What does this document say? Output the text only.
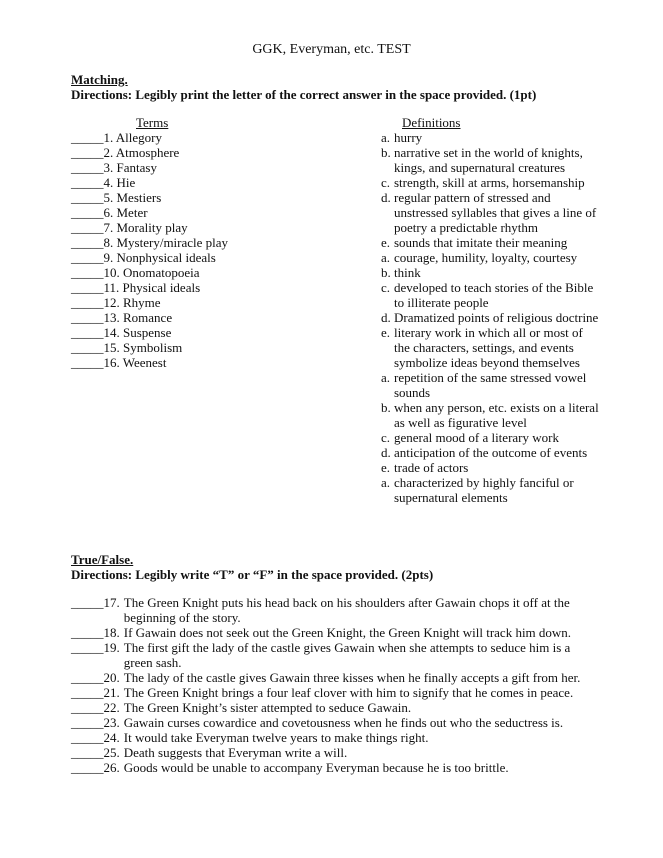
GGK, Everyman, etc. TEST
Matching.
Directions: Legibly print the letter of the correct answer in the space provided. (1pt)
Terms	Definitions
_____1. Allegory
_____2. Atmosphere
_____3. Fantasy
_____4. Hie
_____5. Mestiers
_____6. Meter
_____7. Morality play
_____8. Mystery/miracle play
_____9. Nonphysical ideals
_____10. Onomatopoeia
_____11. Physical ideals
_____12. Rhyme
_____13. Romance
_____14. Suspense
_____15. Symbolism
_____16. Weenest
a. hurry
b. narrative set in the world of knights, kings, and supernatural creatures
c. strength, skill at arms, horsemanship
d. regular pattern of stressed and unstressed syllables that gives a line of poetry a predictable rhythm
e. sounds that imitate their meaning
a. courage, humility, loyalty, courtesy
b. think
c. developed to teach stories of the Bible to illiterate people
d. Dramatized points of religious doctrine
e. literary work in which all or most of the characters, settings, and events symbolize ideas beyond themselves
a. repetition of the same stressed vowel sounds
b. when any person, etc. exists on a literal as well as figurative level
c. general mood of a literary work
d. anticipation of the outcome of events
e. trade of actors
a. characterized by highly fanciful or supernatural elements
True/False.
Directions: Legibly write “T” or “F” in the space provided. (2pts)
_____ 17. The Green Knight puts his head back on his shoulders after Gawain chops it off at the beginning of the story.
_____ 18. If Gawain does not seek out the Green Knight, the Green Knight will track him down.
_____ 19. The first gift the lady of the castle gives Gawain when she attempts to seduce him is a green sash.
_____ 20. The lady of the castle gives Gawain three kisses when he finally accepts a gift from her.
_____ 21. The Green Knight brings a four leaf clover with him to signify that he comes in peace.
_____ 22. The Green Knight’s sister attempted to seduce Gawain.
_____ 23. Gawain curses cowardice and covetousness when he finds out who the seductress is.
_____ 24. It would take Everyman twelve years to make things right.
_____ 25. Death suggests that Everyman write a will.
_____ 26. Goods would be unable to accompany Everyman because he is too brittle.
